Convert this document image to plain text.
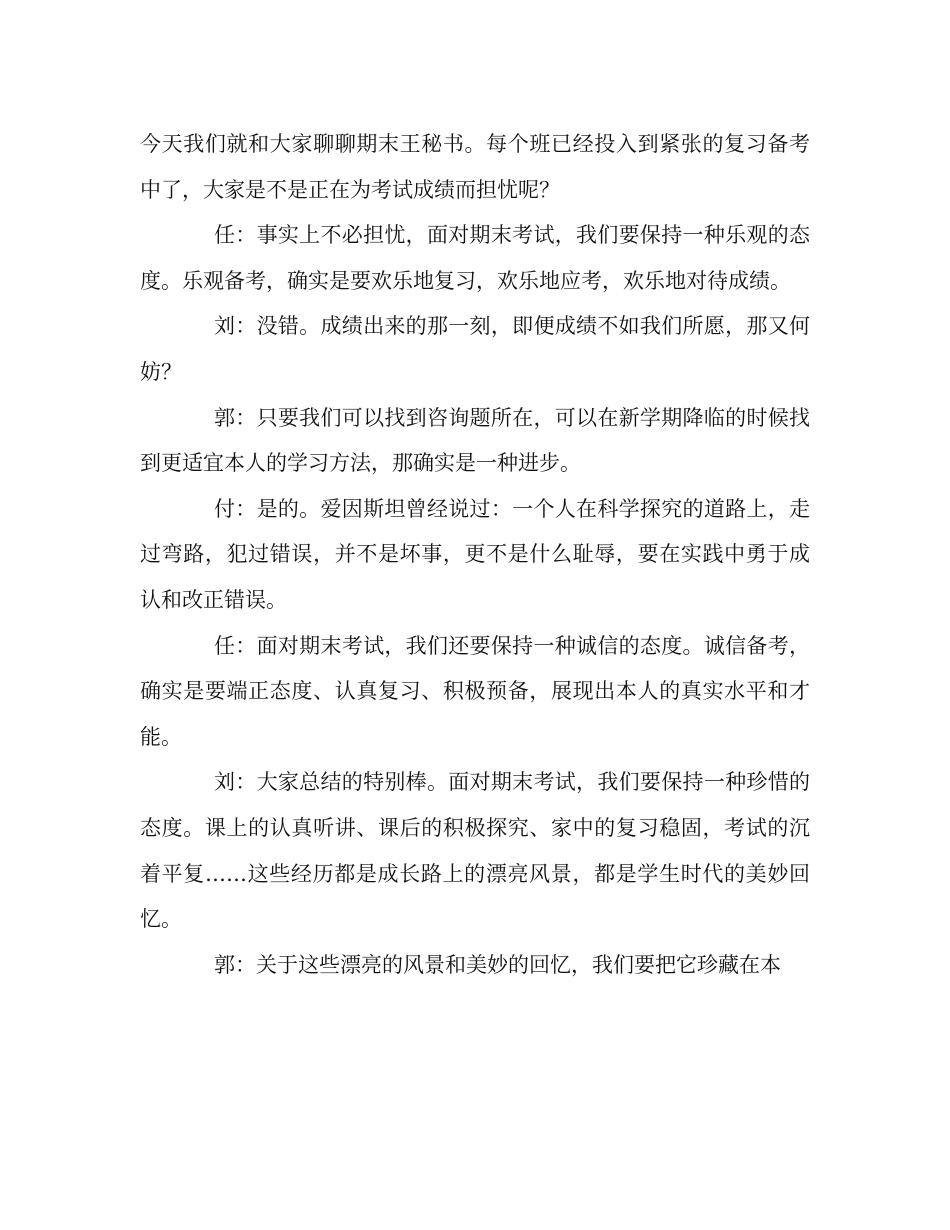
今天我们就和大家聊聊期末王秘书。每个班已经投入到紧张的复习备考中了，大家是不是正在为考试成绩而担忧呢？

任：事实上不必担忧，面对期末考试，我们要保持一种乐观的态度。乐观备考，确实是要欢乐地复习，欢乐地应考，欢乐地对待成绩。

刘：没错。成绩出来的那一刻，即便成绩不如我们所愿，那又何妨？

郭：只要我们可以找到咨询题所在，可以在新学期降临的时候找到更适宜本人的学习方法，那确实是一种进步。

付：是的。爱因斯坦曾经说过：一个人在科学探究的道路上，走过弯路，犯过错误，并不是坏事，更不是什么耻辱，要在实践中勇于成认和改正错误。

任：面对期末考试，我们还要保持一种诚信的态度。诚信备考，确实是要端正态度、认真复习、积极预备，展现出本人的真实水平和才能。

刘：大家总结的特别棒。面对期末考试，我们要保持一种珍惜的态度。课上的认真听讲、课后的积极探究、家中的复习稳固，考试的沉着平复……这些经历都是成长路上的漂亮风景，都是学生时代的美妙回忆。

郭：关于这些漂亮的风景和美妙的回忆，我们要把它珍藏在本
